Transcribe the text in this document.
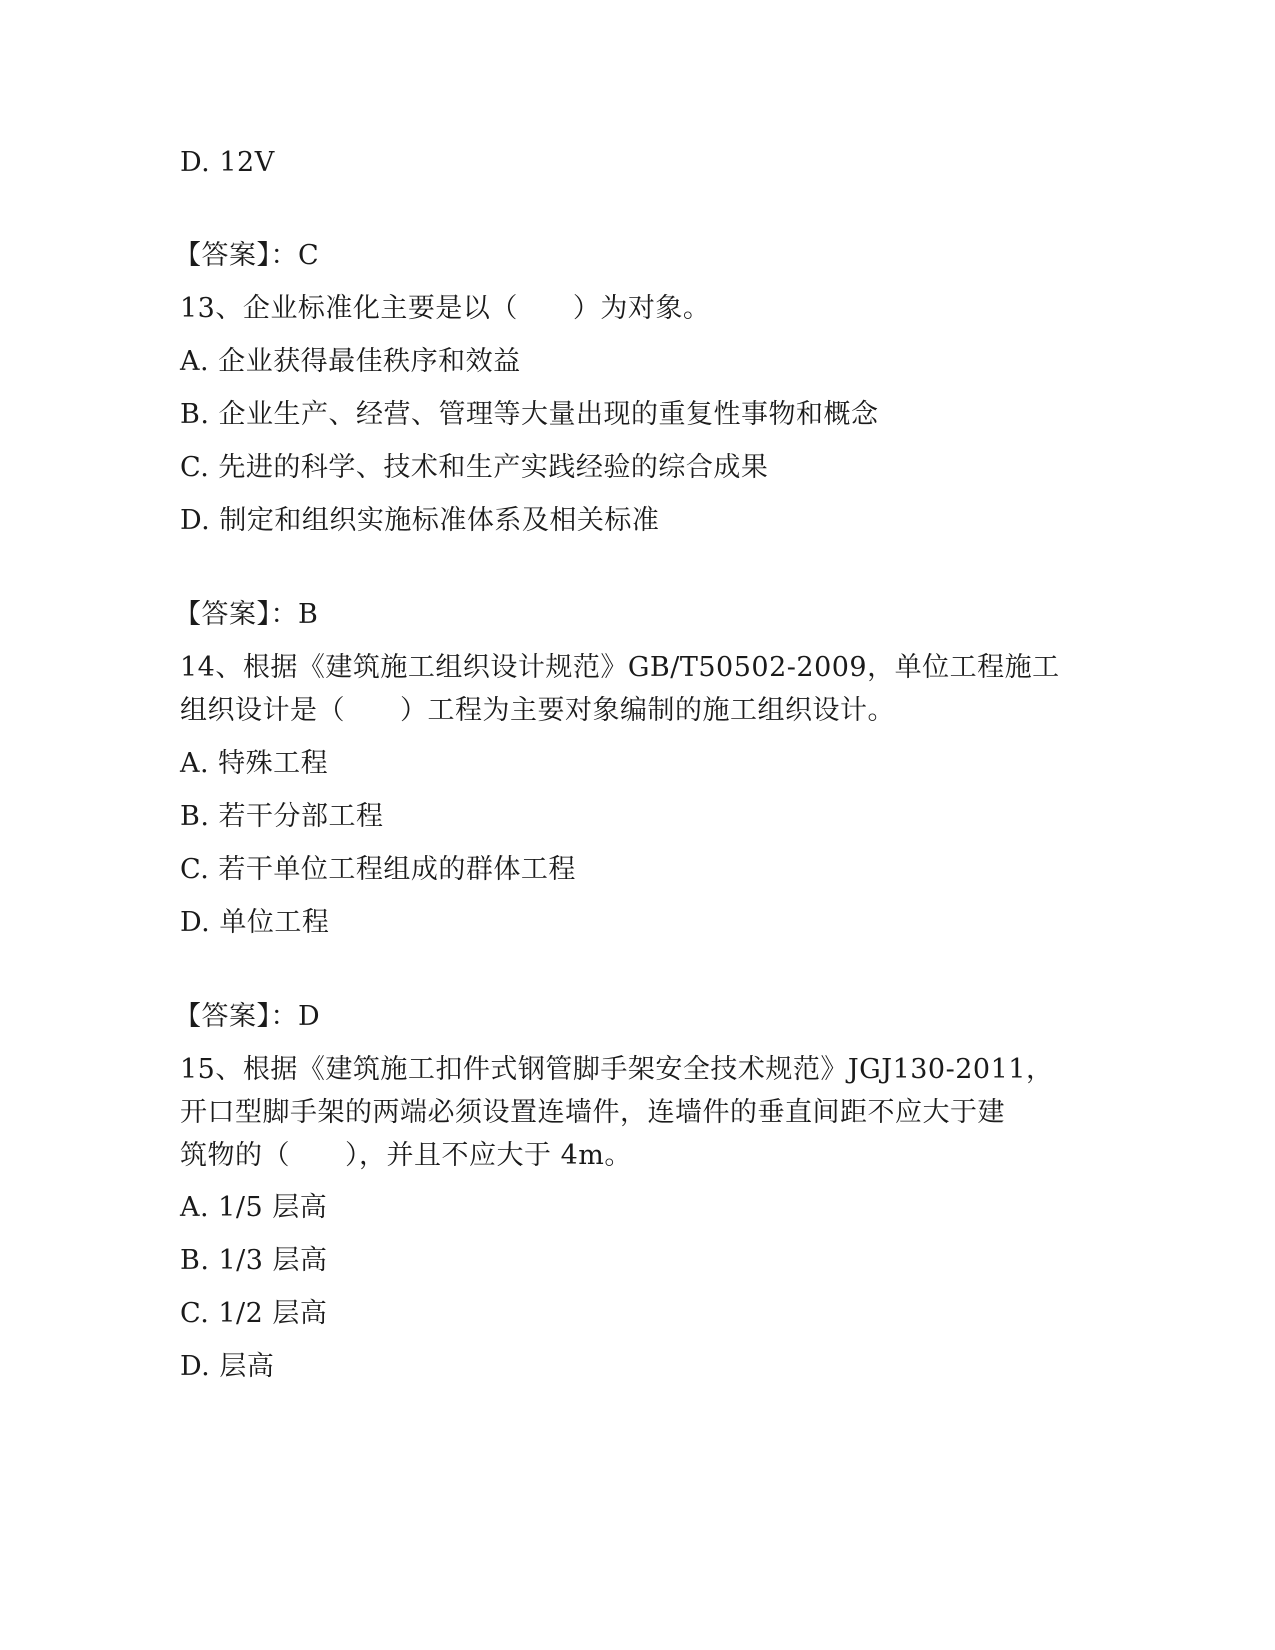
D. 12V
【答案】：C
13、企业标准化主要是以（　　）为对象。
A. 企业获得最佳秩序和效益
B. 企业生产、经营、管理等大量出现的重复性事物和概念
C. 先进的科学、技术和生产实践经验的综合成果
D. 制定和组织实施标准体系及相关标准
【答案】：B
14、根据《建筑施工组织设计规范》GB/T50502-2009，单位工程施工
组织设计是（　　）工程为主要对象编制的施工组织设计。
A. 特殊工程
B. 若干分部工程
C. 若干单位工程组成的群体工程
D. 单位工程
【答案】：D
15、根据《建筑施工扣件式钢管脚手架安全技术规范》JGJ130-2011，
开口型脚手架的两端必须设置连墙件，连墙件的垂直间距不应大于建
筑物的（　　），并且不应大于 4m。
A. 1/5 层高
B. 1/3 层高
C. 1/2 层高
D. 层高
